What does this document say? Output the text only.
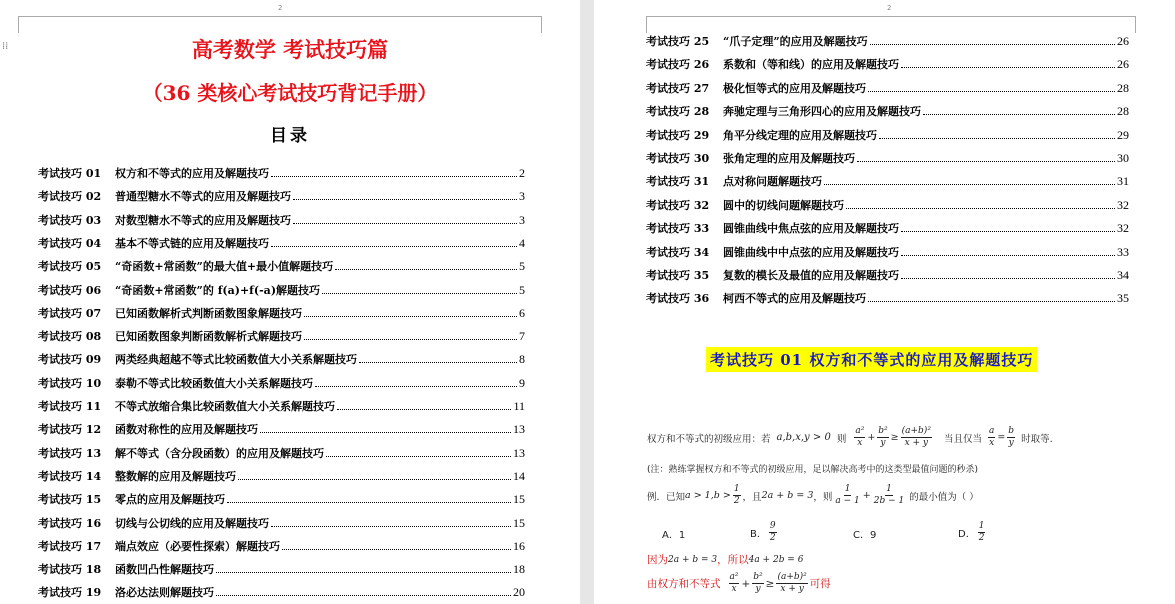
2
⁞⁞	高考数学 考试技巧篇
（36 类核心考试技巧背记手册）
目录
考试技巧 01	权方和不等式的应用及解题技巧	2
考试技巧 02	普通型糖水不等式的应用及解题技巧	3
考试技巧 03	对数型糖水不等式的应用及解题技巧	3
考试技巧 04	基本不等式链的应用及解题技巧	4
考试技巧 05	“奇函数+常函数”的最大值+最小值解题技巧	5
考试技巧 06	“奇函数+常函数”的 f(a)+f(-a)解题技巧	5
考试技巧 07	已知函数解析式判断函数图象解题技巧	6
考试技巧 08	已知函数图象判断函数解析式解题技巧	7
考试技巧 09	两类经典超越不等式比较函数值大小关系解题技巧	8
考试技巧 10	泰勒不等式比较函数值大小关系解题技巧	9
考试技巧 11	不等式放缩合集比较函数值大小关系解题技巧	11
考试技巧 12	函数对称性的应用及解题技巧	13
考试技巧 13	解不等式（含分段函数）的应用及解题技巧	13
考试技巧 14	整数解的应用及解题技巧	14
考试技巧 15	零点的应用及解题技巧	15
考试技巧 16	切线与公切线的应用及解题技巧	15
考试技巧 17	端点效应（必要性探索）解题技巧	16
考试技巧 18	函数凹凸性解题技巧	18
考试技巧 19	洛必达法则解题技巧	20
2
考试技巧 25	“爪子定理”的应用及解题技巧	26
考试技巧 26	系数和（等和线）的应用及解题技巧	26
考试技巧 27	极化恒等式的应用及解题技巧	28
考试技巧 28	奔驰定理与三角形四心的应用及解题技巧	28
考试技巧 29	角平分线定理的应用及解题技巧	29
考试技巧 30	张角定理的应用及解题技巧	30
考试技巧 31	点对称问题解题技巧	31
考试技巧 32	圆中的切线问题解题技巧	32
考试技巧 33	圆锥曲线中焦点弦的应用及解题技巧	32
考试技巧 34	圆锥曲线中中点弦的应用及解题技巧	33
考试技巧 35	复数的模长及最值的应用及解题技巧	34
考试技巧 36	柯西不等式的应用及解题技巧	35
考试技巧 01 权方和不等式的应用及解题技巧
权方和不等式的初级应用：若 a,b,x,y > 0 则 $\frac{\text{a²}}{x} + \frac{\text{b²}}{y} \ge \frac{\text{(a+b)²}}{x + y}$ 当且仅当 $\frac{a}{x} = \frac{b}{y}$ 时取等.
(注：熟练掌握权方和不等式的初级应用，足以解决高考中的这类型最值问题的秒杀)
例．已知 $a > 1,b > \frac{1}{2}$ ，且 2a + b = 3 ，则 $\frac{1}{a - 1} + \frac{1}{2b - 1}$ 的最小值为（ ）
A．1	B． $\frac{9}{2}$	C．9	D． $\frac{1}{2}$
因为 2a + b = 3 ，所以 4a + 2b = 6
由权方和不等式 $\frac{\text{a²}}{x} + \frac{\text{b²}}{y} \ge \frac{\text{(a+b)²}}{x + y}$ 可得
